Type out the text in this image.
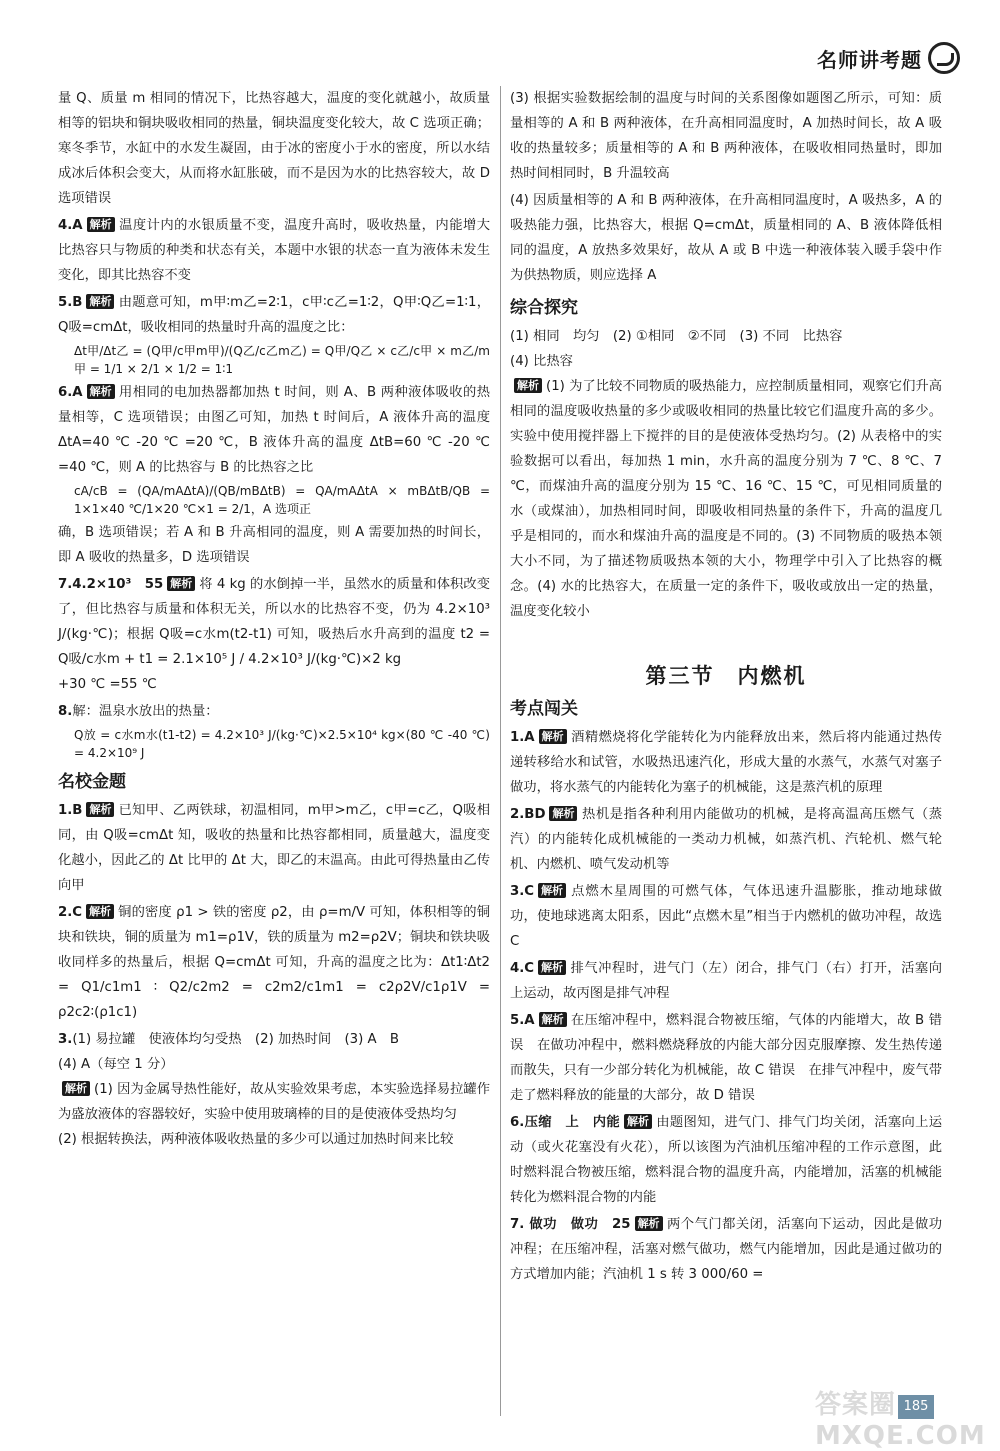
名师讲考题

量 Q、质量 m 相同的情况下，比热容越大，温度的变化就越小，故质量相等的铝块和铜块吸收相同的热量，铜块温度变化较大，故 C 选项正确；寒冬季节，水缸中的水发生凝固，由于冰的密度小于水的密度，所以水结成冰后体积会变大，从而将水缸胀破，而不是因为水的比热容较大，故 D 选项错误

4.A 解析 温度计内的水银质量不变，温度升高时，吸收热量，内能增大　比热容只与物质的种类和状态有关，本题中水银的状态一直为液体未发生变化，即其比热容不变

5.B 解析 由题意可知，m甲∶m乙=2∶1，c甲∶c乙=1∶2，Q甲∶Q乙=1∶1，Q吸=cmΔt，吸收相同的热量时升高的温度之比：

Δt甲/Δt乙 = (Q甲/c甲m甲)/(Q乙/c乙m乙) = Q甲/Q乙 × c乙/c甲 × m乙/m甲 = 1/1 × 2/1 × 1/2 = 1∶1

6.A 解析 用相同的电加热器都加热 t 时间，则 A、B 两种液体吸收的热量相等，C 选项错误；由图乙可知，加热 t 时间后，A 液体升高的温度 ΔtA=40 ℃ -20 ℃ =20 ℃，B 液体升高的温度 ΔtB=60 ℃ -20 ℃ =40 ℃，则 A 的比热容与 B 的比热容之比

cA/cB = (QA/mAΔtA)/(QB/mBΔtB) = QA/mAΔtA × mBΔtB/QB = 1×1×40 ℃/1×20 ℃×1 = 2/1，A 选项正

确，B 选项错误；若 A 和 B 升高相同的温度，则 A 需要加热的时间长，即 A 吸收的热量多，D 选项错误

7.4.2×10³　55 解析 将 4 kg 的水倒掉一半，虽然水的质量和体积改变了，但比热容与质量和体积无关，所以水的比热容不变，仍为 4.2×10³ J/(kg·℃)；根据 Q吸=c水m(t2-t1) 可知，吸热后水升高到的温度 t2 = Q吸/c水m + t1 = 2.1×10⁵ J / 4.2×10³ J/(kg·℃)×2 kg

+30 ℃ =55 ℃

8.解：温泉水放出的热量：

Q放 = c水m水(t1-t2) = 4.2×10³ J/(kg·℃)×2.5×10⁴ kg×(80 ℃ -40 ℃) = 4.2×10⁹ J

名校金题

1.B 解析 已知甲、乙两铁球，初温相同，m甲>m乙，c甲=c乙，Q吸相同，由 Q吸=cmΔt 知，吸收的热量和比热容都相同，质量越大，温度变化越小，因此乙的 Δt 比甲的 Δt 大，即乙的末温高。由此可得热量由乙传向甲

2.C 解析 铜的密度 ρ1 > 铁的密度 ρ2，由 ρ=m/V 可知，体积相等的铜块和铁块，铜的质量为 m1=ρ1V，铁的质量为 m2=ρ2V；铜块和铁块吸收同样多的热量后，根据 Q=cmΔt 可知，升高的温度之比为：Δt1∶Δt2 = Q1/c1m1 ∶ Q2/c2m2 = c2m2/c1m1 = c2ρ2V/c1ρ1V = ρ2c2∶(ρ1c1)

3.(1) 易拉罐　使液体均匀受热　(2) 加热时间　(3) A　B

(4) A（每空 1 分）

解析 (1) 因为金属导热性能好，故从实验效果考虑，本实验选择易拉罐作为盛放液体的容器较好，实验中使用玻璃棒的目的是使液体受热均匀

(2) 根据转换法，两种液体吸收热量的多少可以通过加热时间来比较

(3) 根据实验数据绘制的温度与时间的关系图像如题图乙所示，可知：质量相等的 A 和 B 两种液体，在升高相同温度时，A 加热时间长，故 A 吸收的热量较多；质量相等的 A 和 B 两种液体，在吸收相同热量时，即加热时间相同时，B 升温较高

(4) 因质量相等的 A 和 B 两种液体，在升高相同温度时，A 吸热多，A 的吸热能力强，比热容大，根据 Q=cmΔt，质量相同的 A、B 液体降低相同的温度，A 放热多效果好，故从 A 或 B 中选一种液体装入暖手袋中作为供热物质，则应选择 A

综合探究

(1) 相同　均匀　(2) ①相同　②不同　(3) 不同　比热容

(4) 比热容

解析 (1) 为了比较不同物质的吸热能力，应控制质量相同，观察它们升高相同的温度吸收热量的多少或吸收相同的热量比较它们温度升高的多少。实验中使用搅拌器上下搅拌的目的是使液体受热均匀。(2) 从表格中的实验数据可以看出，每加热 1 min，水升高的温度分别为 7 ℃、8 ℃、7 ℃，而煤油升高的温度分别为 15 ℃、16 ℃、15 ℃，可见相同质量的水（或煤油），加热相同时间，即吸收相同热量的条件下，升高的温度几乎是相同的，而水和煤油升高的温度是不同的。(3) 不同物质的吸热本领大小不同，为了描述物质吸热本领的大小，物理学中引入了比热容的概念。(4) 水的比热容大，在质量一定的条件下，吸收或放出一定的热量，温度变化较小

第三节　内燃机

考点闯关

1.A 解析 酒精燃烧将化学能转化为内能释放出来，然后将内能通过热传递转移给水和试管，水吸热迅速汽化，形成大量的水蒸气，水蒸气对塞子做功，将水蒸气的内能转化为塞子的机械能，这是蒸汽机的原理

2.BD 解析 热机是指各种利用内能做功的机械，是将高温高压燃气（蒸汽）的内能转化成机械能的一类动力机械，如蒸汽机、汽轮机、燃气轮机、内燃机、喷气发动机等

3.C 解析 点燃木星周围的可燃气体，气体迅速升温膨胀，推动地球做功，使地球逃离太阳系，因此“点燃木星”相当于内燃机的做功冲程，故选 C

4.C 解析 排气冲程时，进气门（左）闭合，排气门（右）打开，活塞向上运动，故丙图是排气冲程

5.A 解析 在压缩冲程中，燃料混合物被压缩，气体的内能增大，故 B 错误　在做功冲程中，燃料燃烧释放的内能大部分因克服摩擦、发生热传递而散失，只有一少部分转化为机械能，故 C 错误　在排气冲程中，废气带走了燃料释放的能量的大部分，故 D 错误

6.压缩　上　内能 解析 由题图知，进气门、排气门均关闭，活塞向上运动（或火花塞没有火花），所以该图为汽油机压缩冲程的工作示意图，此时燃料混合物被压缩，燃料混合物的温度升高，内能增加，活塞的机械能转化为燃料混合物的内能

7. 做功　做功　25 解析 两个气门都关闭，活塞向下运动，因此是做功冲程；在压缩冲程，活塞对燃气做功，燃气内能增加，因此是通过做功的方式增加内能；汽油机 1 s 转 3 000/60 =

答案圈 MXQE.COM
185
